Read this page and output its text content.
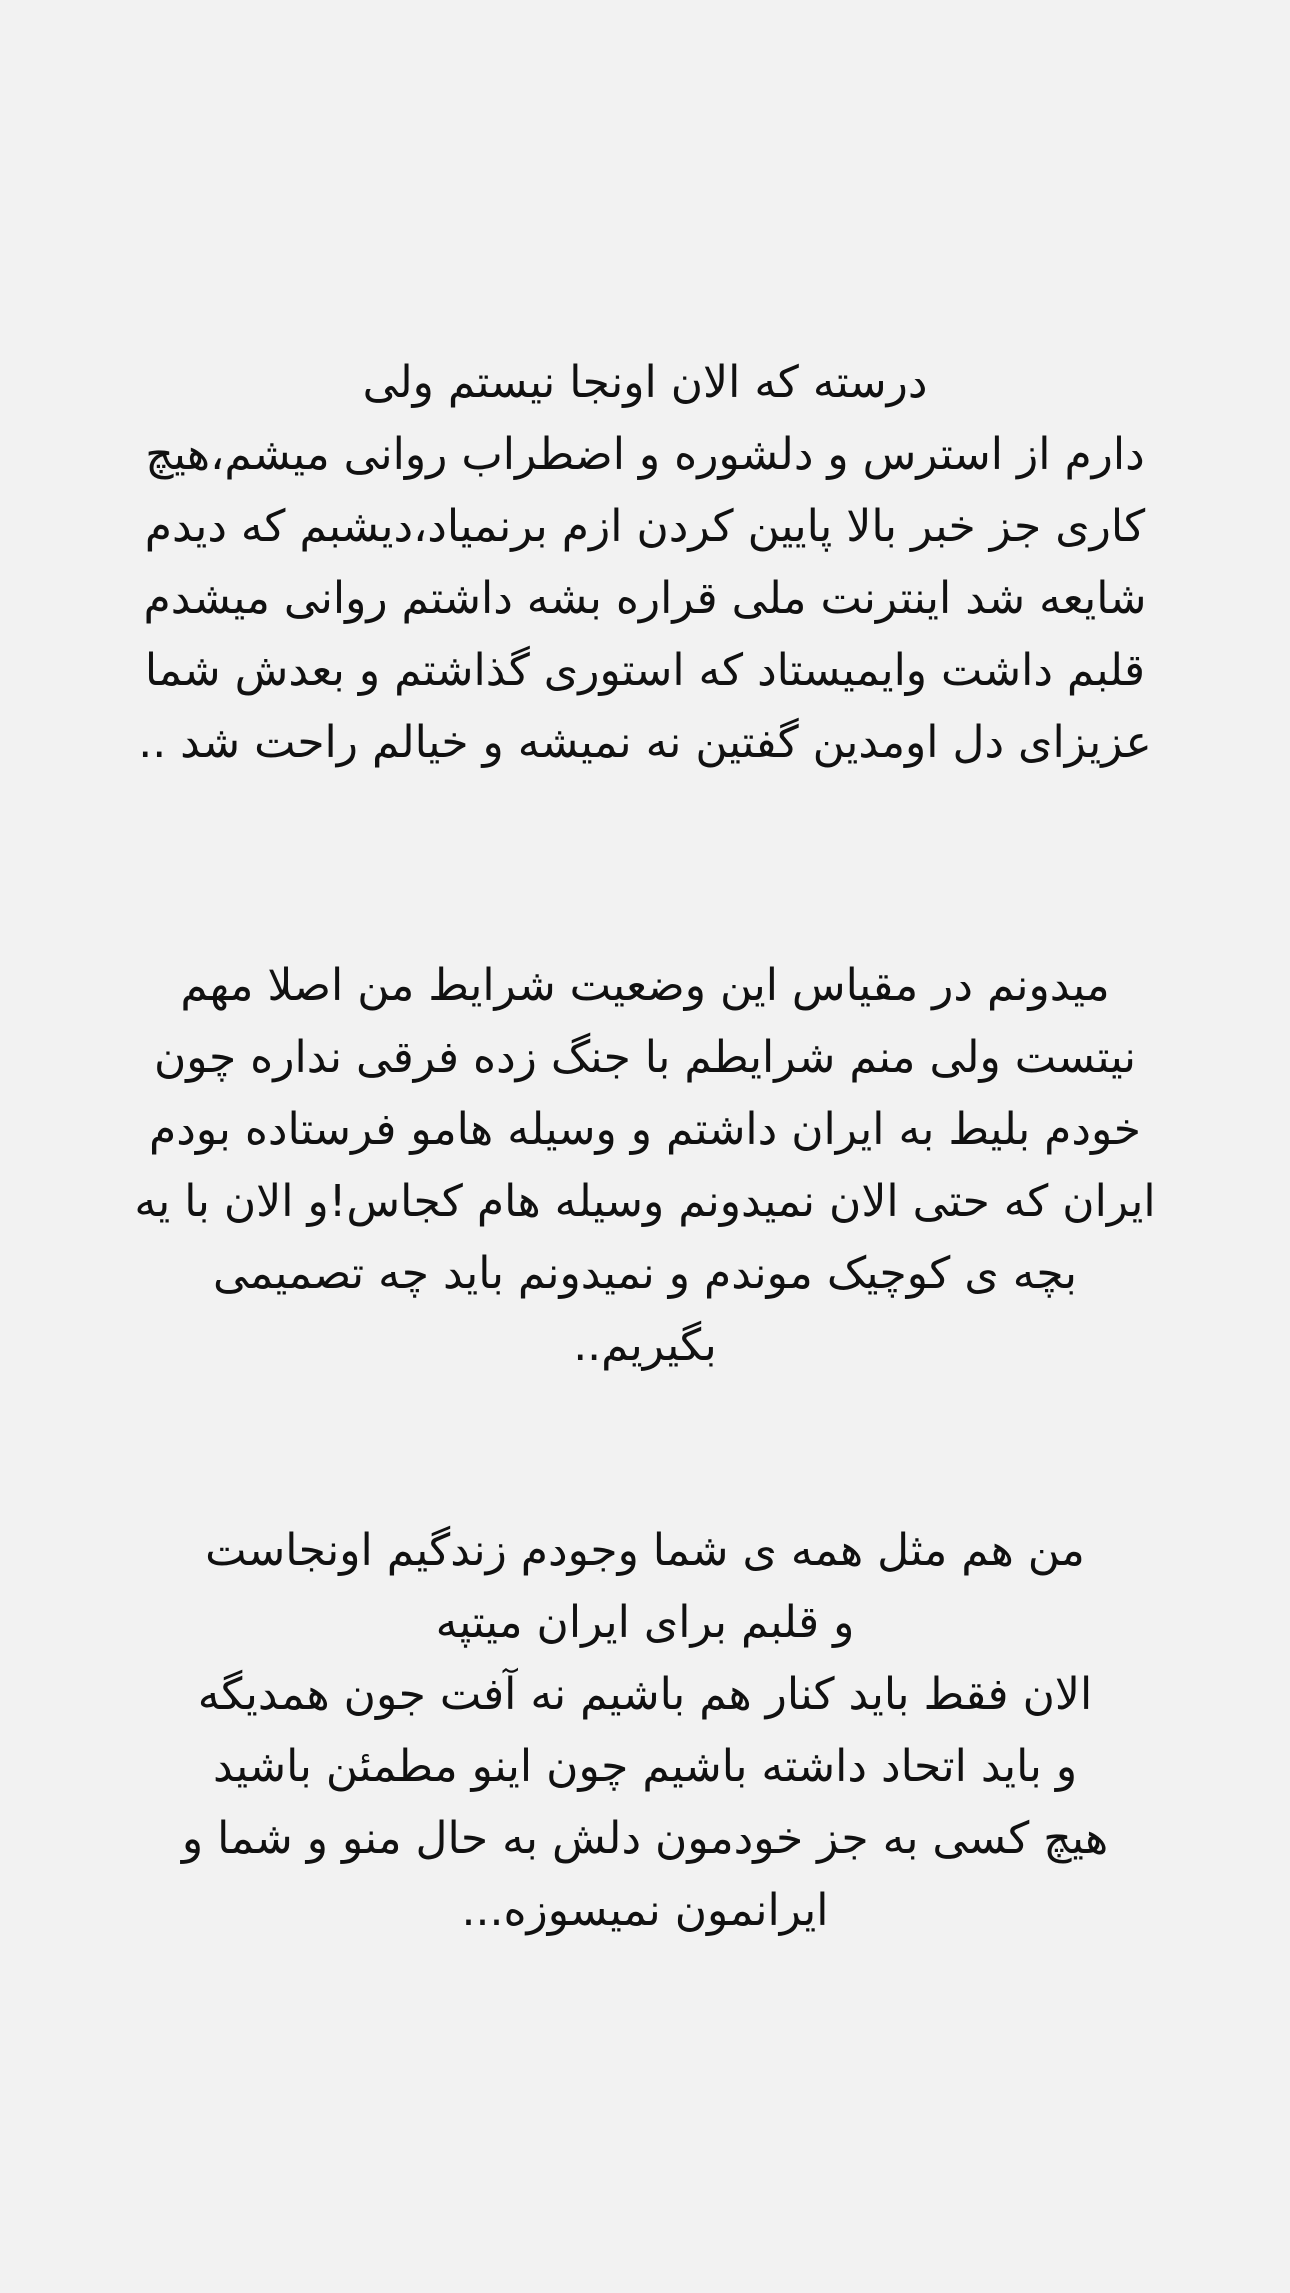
درسته که الان اونجا نیستم ولی
دارم از استرس و دلشوره و اضطراب روانی میشم،هیچ
کاری جز خبر بالا پایین کردن ازم برنمیاد،دیشبم که دیدم
شایعه شد اینترنت ملی قراره بشه داشتم روانی میشدم
قلبم داشت وایمیستاد که استوری گذاشتم و بعدش شما
عزیزای دل اومدین گفتین نه نمیشه و خیالم راحت شد ..
میدونم در مقیاس این وضعیت شرایط من اصلا مهم
نیتست ولی منم شرایطم با جنگ زده فرقی نداره چون
خودم بلیط به ایران داشتم و وسیله هامو فرستاده بودم
ایران که حتی الان نمیدونم وسیله هام کجاس!و الان با یه
بچه ی کوچیک موندم و نمیدونم باید چه تصمیمی
بگیریم..
من هم مثل همه ی شما وجودم زندگیم اونجاست
و قلبم برای ایران میتپه
الان فقط باید کنار هم باشیم نه آفت جون همدیگه
و باید اتحاد داشته باشیم چون اینو مطمئن باشید
هیچ کسی به جز خودمون دلش به حال منو و شما و
ایرانمون نمیسوزه...
